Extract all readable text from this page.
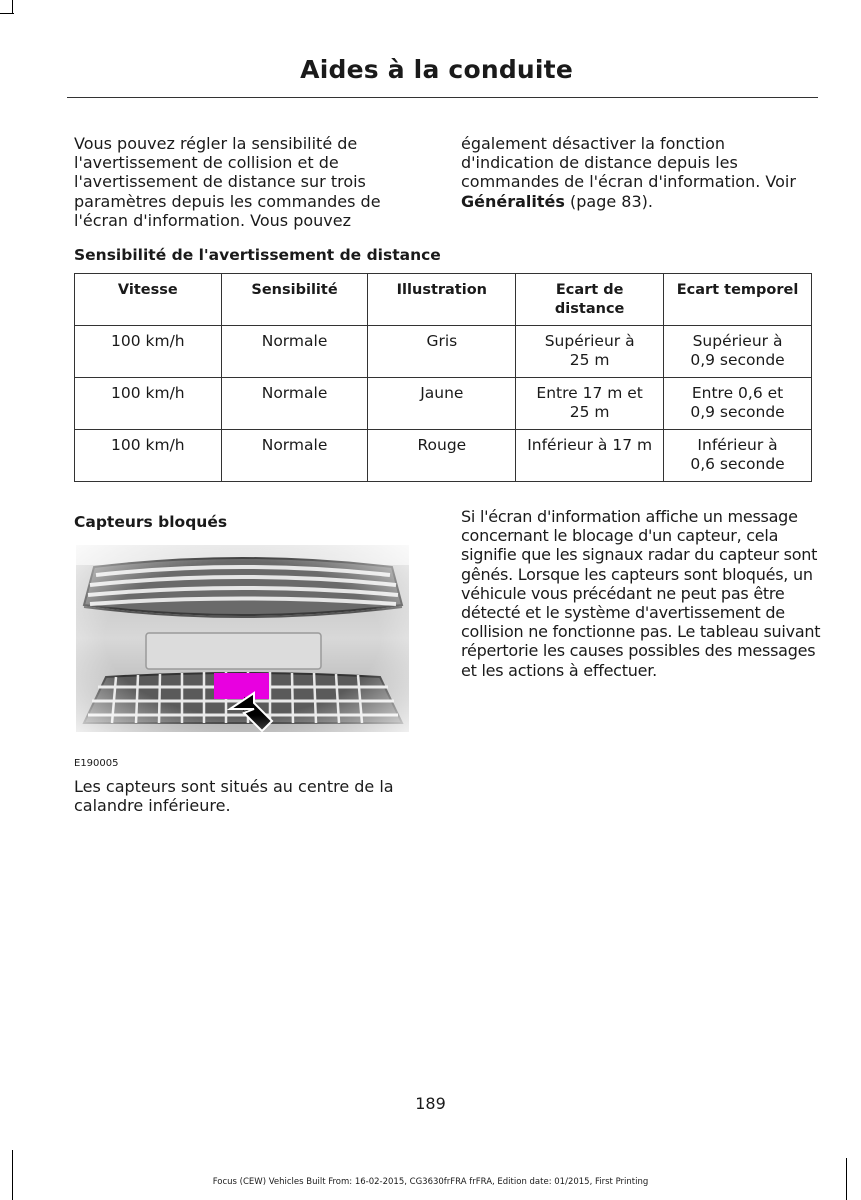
Aides à la conduite

Vous pouvez régler la sensibilité de l'avertissement de collision et de l'avertissement de distance sur trois paramètres depuis les commandes de l'écran d'information. Vous pouvez

également désactiver la fonction d'indication de distance depuis les commandes de l'écran d'information. Voir Généralités (page 83).

Sensibilité de l'avertissement de distance
Vitesse	Sensibilité	Illustration	Ecart de distance	Ecart temporel
100 km/h	Normale	Gris	Supérieur à 25 m	Supérieur à 0,9 seconde
100 km/h	Normale	Jaune	Entre 17 m et 25 m	Entre 0,6 et 0,9 seconde
100 km/h	Normale	Rouge	Inférieur à 17 m	Inférieur à 0,6 seconde
Capteurs bloqués
E190005

Les capteurs sont situés au centre de la calandre inférieure.

Si l'écran d'information affiche un message concernant le blocage d'un capteur, cela signifie que les signaux radar du capteur sont gênés. Lorsque les capteurs sont bloqués, un véhicule vous précédant ne peut pas être détecté et le système d'avertissement de collision ne fonctionne pas. Le tableau suivant répertorie les causes possibles des messages et les actions à effectuer.

189
Focus (CEW) Vehicles Built From: 16-02-2015, CG3630frFRA frFRA, Edition date: 01/2015, First Printing
